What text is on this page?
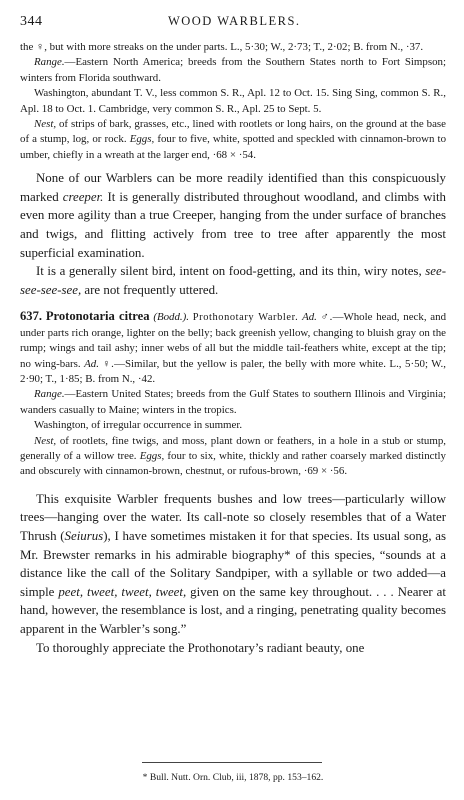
344	WOOD WARBLERS.

the ♀, but with more streaks on the under parts. L., 5·30; W., 2·73; T., 2·02; B. from N., ·37.

Range.—Eastern North America; breeds from the Southern States north to Fort Simpson; winters from Florida southward.

Washington, abundant T. V., less common S. R., Apl. 12 to Oct. 15. Sing Sing, common S. R., Apl. 18 to Oct. 1. Cambridge, very common S. R., Apl. 25 to Sept. 5.

Nest, of strips of bark, grasses, etc., lined with rootlets or long hairs, on the ground at the base of a stump, log, or rock. Eggs, four to five, white, spotted and speckled with cinnamon-brown to umber, chiefly in a wreath at the larger end, ·68 × ·54.

None of our Warblers can be more readily identified than this conspicuously marked creeper. It is generally distributed throughout woodland, and climbs with even more agility than a true Creeper, hanging from the under surface of branches and twigs, and flitting actively from tree to tree after apparently the most superficial examination.

It is a generally silent bird, intent on food-getting, and its thin, wiry notes, see-see-see-see, are not frequently uttered.

637. Protonotaria citrea (Bodd.). Prothonotary Warbler. Ad. ♂.—Whole head, neck, and under parts rich orange, lighter on the belly; back greenish yellow, changing to bluish gray on the rump; wings and tail ashy; inner webs of all but the middle tail-feathers white, except at the tip; no wing-bars. Ad. ♀.—Similar, but the yellow is paler, the belly with more white. L., 5·50; W., 2·90; T., 1·85; B. from N., ·42.

Range.—Eastern United States; breeds from the Gulf States to southern Illinois and Virginia; wanders casually to Maine; winters in the tropics.

Washington, of irregular occurrence in summer.

Nest, of rootlets, fine twigs, and moss, plant down or feathers, in a hole in a stub or stump, generally of a willow tree. Eggs, four to six, white, thickly and rather coarsely marked distinctly and obscurely with cinnamon-brown, chestnut, or rufous-brown, ·69 × ·56.

This exquisite Warbler frequents bushes and low trees—particularly willow trees—hanging over the water. Its call-note so closely resembles that of a Water Thrush (Seiurus), I have sometimes mistaken it for that species. Its usual song, as Mr. Brewster remarks in his admirable biography* of this species, “sounds at a distance like the call of the Solitary Sandpiper, with a syllable or two added—a simple peet, tweet, tweet, tweet, given on the same key throughout. . . . Nearer at hand, however, the resemblance is lost, and a ringing, penetrating quality becomes apparent in the Warbler’s song.”

To thoroughly appreciate the Prothonotary’s radiant beauty, one

* Bull. Nutt. Orn. Club, iii, 1878, pp. 153–162.
